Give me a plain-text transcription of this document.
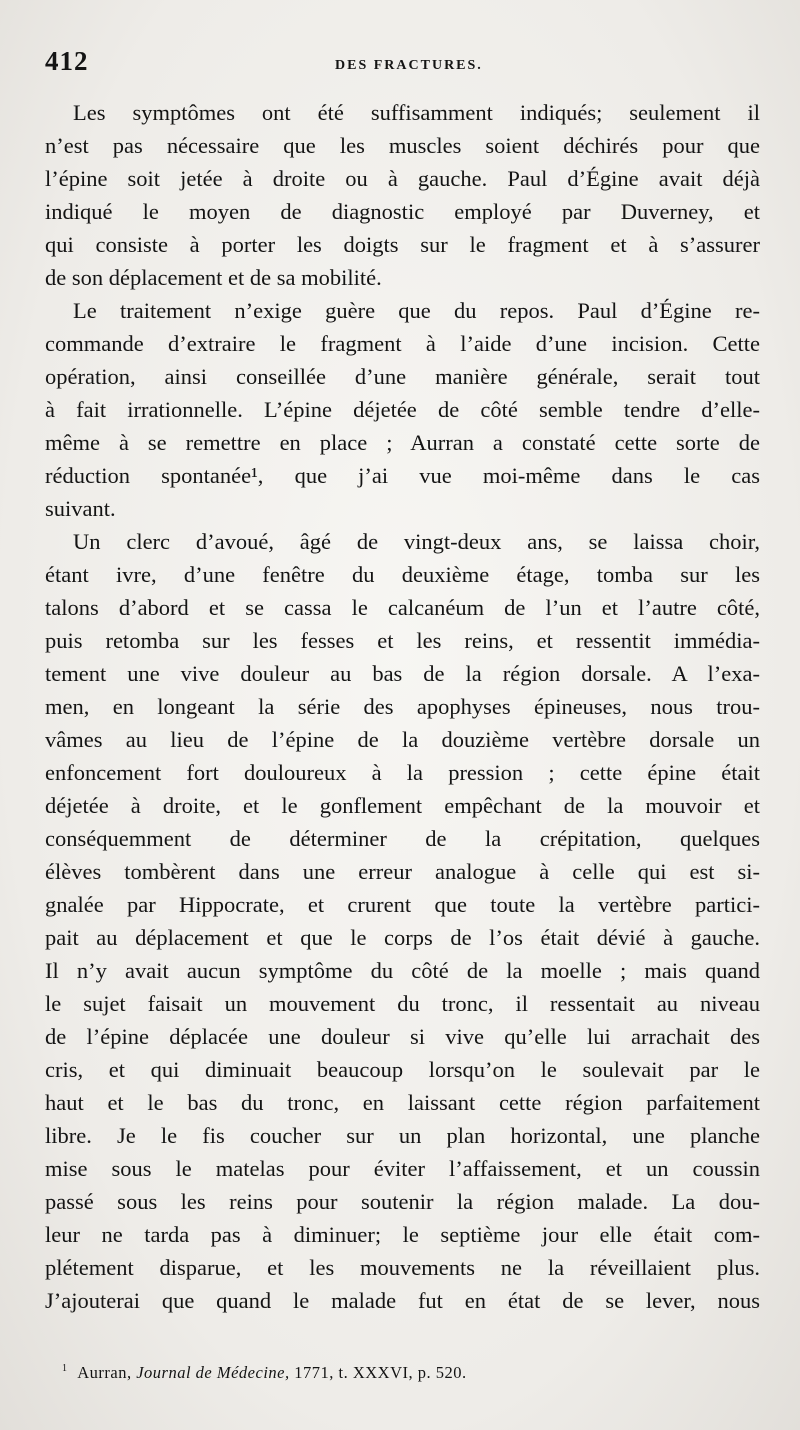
412	DES FRACTURES.
Les symptômes ont été suffisamment indiqués; seulement il
n’est pas nécessaire que les muscles soient déchirés pour que
l’épine soit jetée à droite ou à gauche. Paul d’Égine avait déjà
indiqué le moyen de diagnostic employé par Duverney, et
qui consiste à porter les doigts sur le fragment et à s’assurer
de son déplacement et de sa mobilité.
Le traitement n’exige guère que du repos. Paul d’Égine re-
commande d’extraire le fragment à l’aide d’une incision. Cette
opération, ainsi conseillée d’une manière générale, serait tout
à fait irrationnelle. L’épine déjetée de côté semble tendre d’elle-
même à se remettre en place ; Aurran a constaté cette sorte de
réduction spontanée¹, que j’ai vue moi-même dans le cas
suivant.
Un clerc d’avoué, âgé de vingt-deux ans, se laissa choir,
étant ivre, d’une fenêtre du deuxième étage, tomba sur les
talons d’abord et se cassa le calcanéum de l’un et l’autre côté,
puis retomba sur les fesses et les reins, et ressentit immédia-
tement une vive douleur au bas de la région dorsale. A l’exa-
men, en longeant la série des apophyses épineuses, nous trou-
vâmes au lieu de l’épine de la douzième vertèbre dorsale un
enfoncement fort douloureux à la pression ; cette épine était
déjetée à droite, et le gonflement empêchant de la mouvoir et
conséquemment de déterminer de la crépitation, quelques
élèves tombèrent dans une erreur analogue à celle qui est si-
gnalée par Hippocrate, et crurent que toute la vertèbre partici-
pait au déplacement et que le corps de l’os était dévié à gauche.
Il n’y avait aucun symptôme du côté de la moelle ; mais quand
le sujet faisait un mouvement du tronc, il ressentait au niveau
de l’épine déplacée une douleur si vive qu’elle lui arrachait des
cris, et qui diminuait beaucoup lorsqu’on le soulevait par le
haut et le bas du tronc, en laissant cette région parfaitement
libre. Je le fis coucher sur un plan horizontal, une planche
mise sous le matelas pour éviter l’affaissement, et un coussin
passé sous les reins pour soutenir la région malade. La dou-
leur ne tarda pas à diminuer; le septième jour elle était com-
plétement disparue, et les mouvements ne la réveillaient plus.
J’ajouterai que quand le malade fut en état de se lever, nous
$^1$ Aurran, Journal de Médecine, 1771, t. XXXVI, p. 520.
